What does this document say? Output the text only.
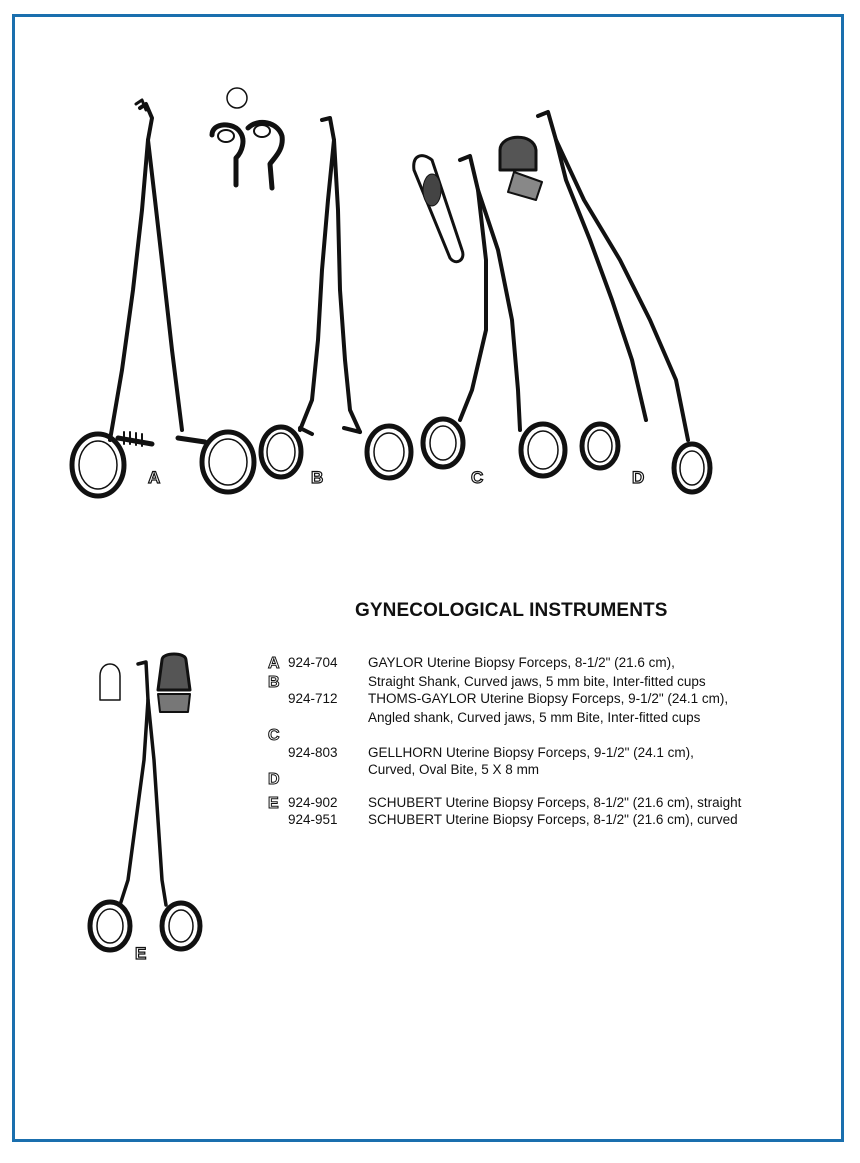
A	B	C	D
E
GYNECOLOGICAL INSTRUMENTS
A 924-704	GAYLOR Uterine Biopsy Forceps, 8-1/2" (21.6 cm),
B	Straight Shank, Curved jaws, 5 mm bite, Inter-fitted cups
924-712	THOMS-GAYLOR Uterine Biopsy Forceps, 9-1/2" (24.1 cm),
Angled shank, Curved jaws, 5 mm Bite, Inter-fitted cups
C
924-803	GELLHORN Uterine Biopsy Forceps, 9-1/2" (24.1 cm),
Curved, Oval Bite, 5 X 8 mm
D
E 924-902	SCHUBERT Uterine Biopsy Forceps, 8-1/2" (21.6 cm), straight
924-951	SCHUBERT Uterine Biopsy Forceps, 8-1/2" (21.6 cm), curved
